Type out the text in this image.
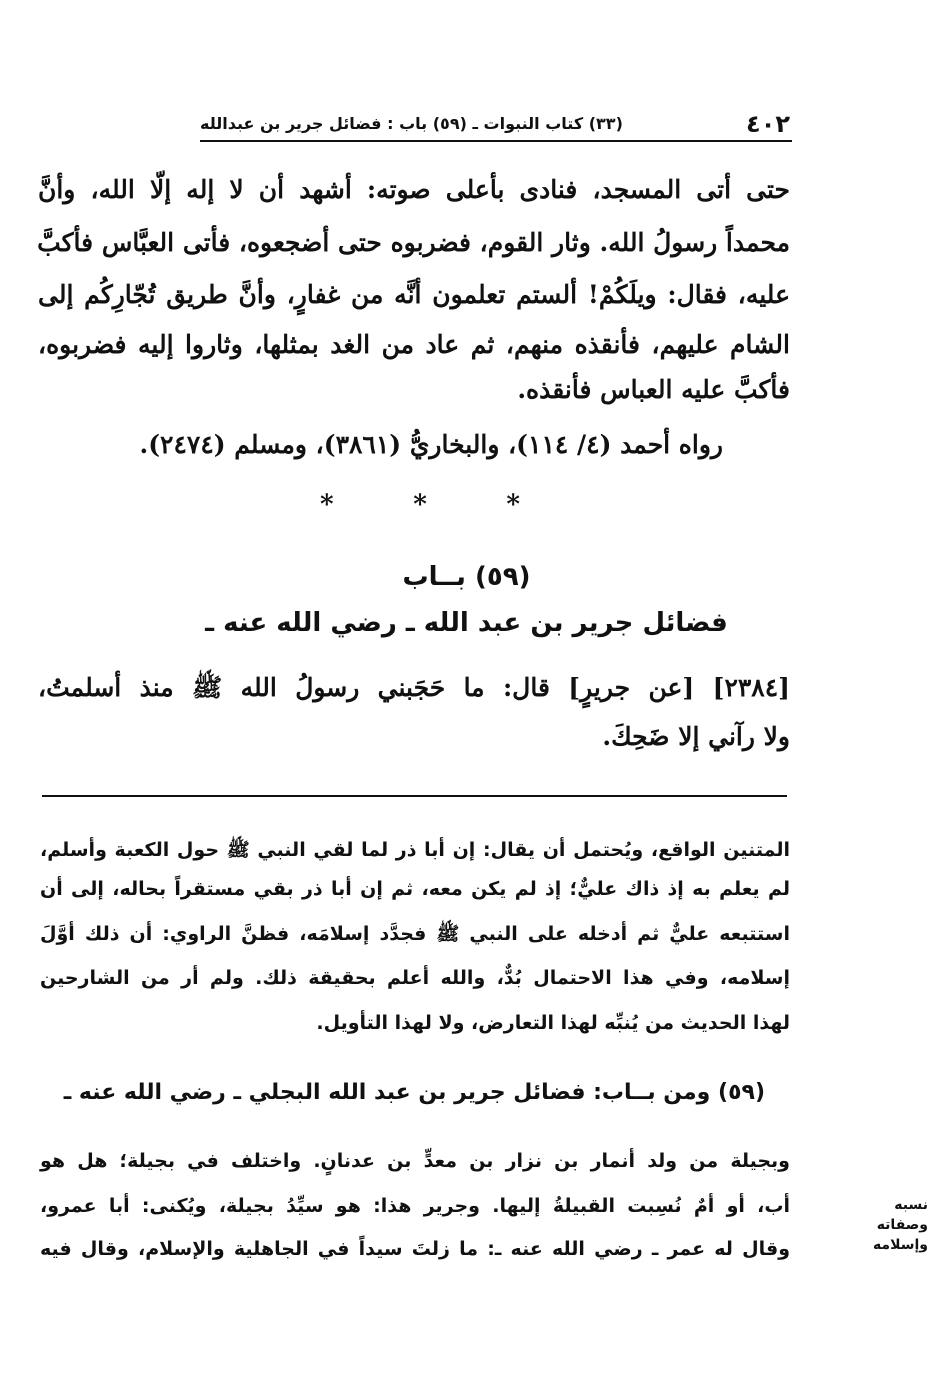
٤٠٢
(٣٣) كتاب النبوات ـ (٥٩) باب : فضائل جرير بن عبدالله
حتى أتى المسجد، فنادى بأعلى صوته: أشهد أن لا إله إلّا الله، وأنَّ
محمداً رسولُ الله. وثار القوم، فضربوه حتى أضجعوه، فأتى العبَّاس فأكبَّ
عليه، فقال: ويلَكُمْ! ألستم تعلمون أنَّه من غفارٍ، وأنَّ طريق تُجّارِكُم إلى
الشام عليهم، فأنقذه منهم، ثم عاد من الغد بمثلها، وثاروا إليه فضربوه،
فأكبَّ عليه العباس فأنقذه.
رواه أحمد (٤/ ١١٤)، والبخاريُّ (٣٨٦١)، ومسلم (٢٤٧٤).
*	*	*
(٥٩) بــاب
فضائل جرير بن عبد الله ـ رضي الله عنه ـ
[٢٣٨٤] [عن جريرٍ] قال: ما حَجَبني رسولُ الله ﷺ منذ أسلمتُ،
ولا رآني إلا ضَحِكَ.
المتنين الواقع، ويُحتمل أن يقال: إن أبا ذر لما لقي النبي ﷺ حول الكعبة وأسلم،
لم يعلم به إذ ذاك عليٌّ؛ إذ لم يكن معه، ثم إن أبا ذر بقي مستقراً بحاله، إلى أن
استتبعه عليٌّ ثم أدخله على النبي ﷺ فجدَّد إسلامَه، فظنَّ الراوي: أن ذلك أوَّلَ
إسلامه، وفي هذا الاحتمال بُدٌّ، والله أعلم بحقيقة ذلك. ولم أر من الشارحين
لهذا الحديث من يُنبِّه لهذا التعارض، ولا لهذا التأويل.
(٥٩) ومن بــاب: فضائل جرير بن عبد الله البجلي ـ رضي الله عنه ـ
وبجيلة من ولد أنمار بن نزار بن معدٍّ بن عدنانٍ. واختلف في بجيلة؛ هل هو
أب، أو أمٌ نُسِبت القبيلةُ إليها. وجرير هذا: هو سيِّدُ بجيلة، ويُكنى: أبا عمرو،
وقال له عمر ـ رضي الله عنه ـ: ما زلتَ سيداً في الجاهلية والإسلام، وقال فيه
نسبه وصفاته
وإسلامه
